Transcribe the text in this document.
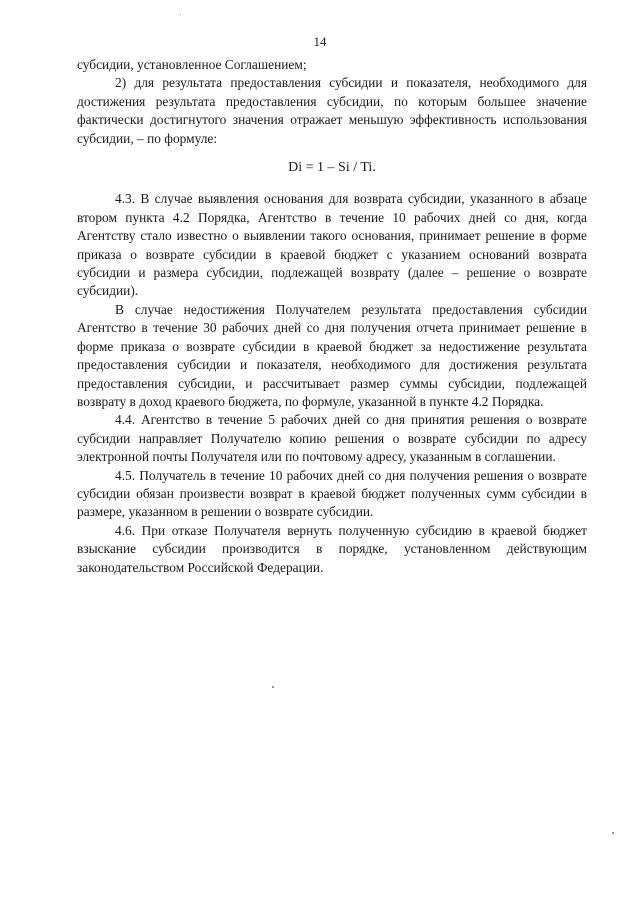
14

субсидии, установленное Соглашением;

2) для результата предоставления субсидии и показателя, необходимого для достижения результата предоставления субсидии, по которым большее значение фактически достигнутого значения отражает меньшую эффективность использования субсидии, – по формуле:

Di = 1 – Si / Ti.

4.3. В случае выявления основания для возврата субсидии, указанного в абзаце втором пункта 4.2 Порядка, Агентство в течение 10 рабочих дней со дня, когда Агентству стало известно о выявлении такого основания, принимает решение в форме приказа о возврате субсидии в краевой бюджет с указанием оснований возврата субсидии и размера субсидии, подлежащей возврату (далее – решение о возврате субсидии).

В случае недостижения Получателем результата предоставления субсидии Агентство в течение 30 рабочих дней со дня получения отчета принимает решение в форме приказа о возврате субсидии в краевой бюджет за недостижение результата предоставления субсидии и показателя, необходимого для достижения результата предоставления субсидии, и рассчитывает размер суммы субсидии, подлежащей возврату в доход краевого бюджета, по формуле, указанной в пункте 4.2 Порядка.

4.4. Агентство в течение 5 рабочих дней со дня принятия решения о возврате субсидии направляет Получателю копию решения о возврате субсидии по адресу электронной почты Получателя или по почтовому адресу, указанным в соглашении.

4.5. Получатель в течение 10 рабочих дней со дня получения решения о возврате субсидии обязан произвести возврат в краевой бюджет полученных сумм субсидии в размере, указанном в решении о возврате субсидии.

4.6. При отказе Получателя вернуть полученную субсидию в краевой бюджет взыскание субсидии производится в порядке, установленном действующим законодательством Российской Федерации.
